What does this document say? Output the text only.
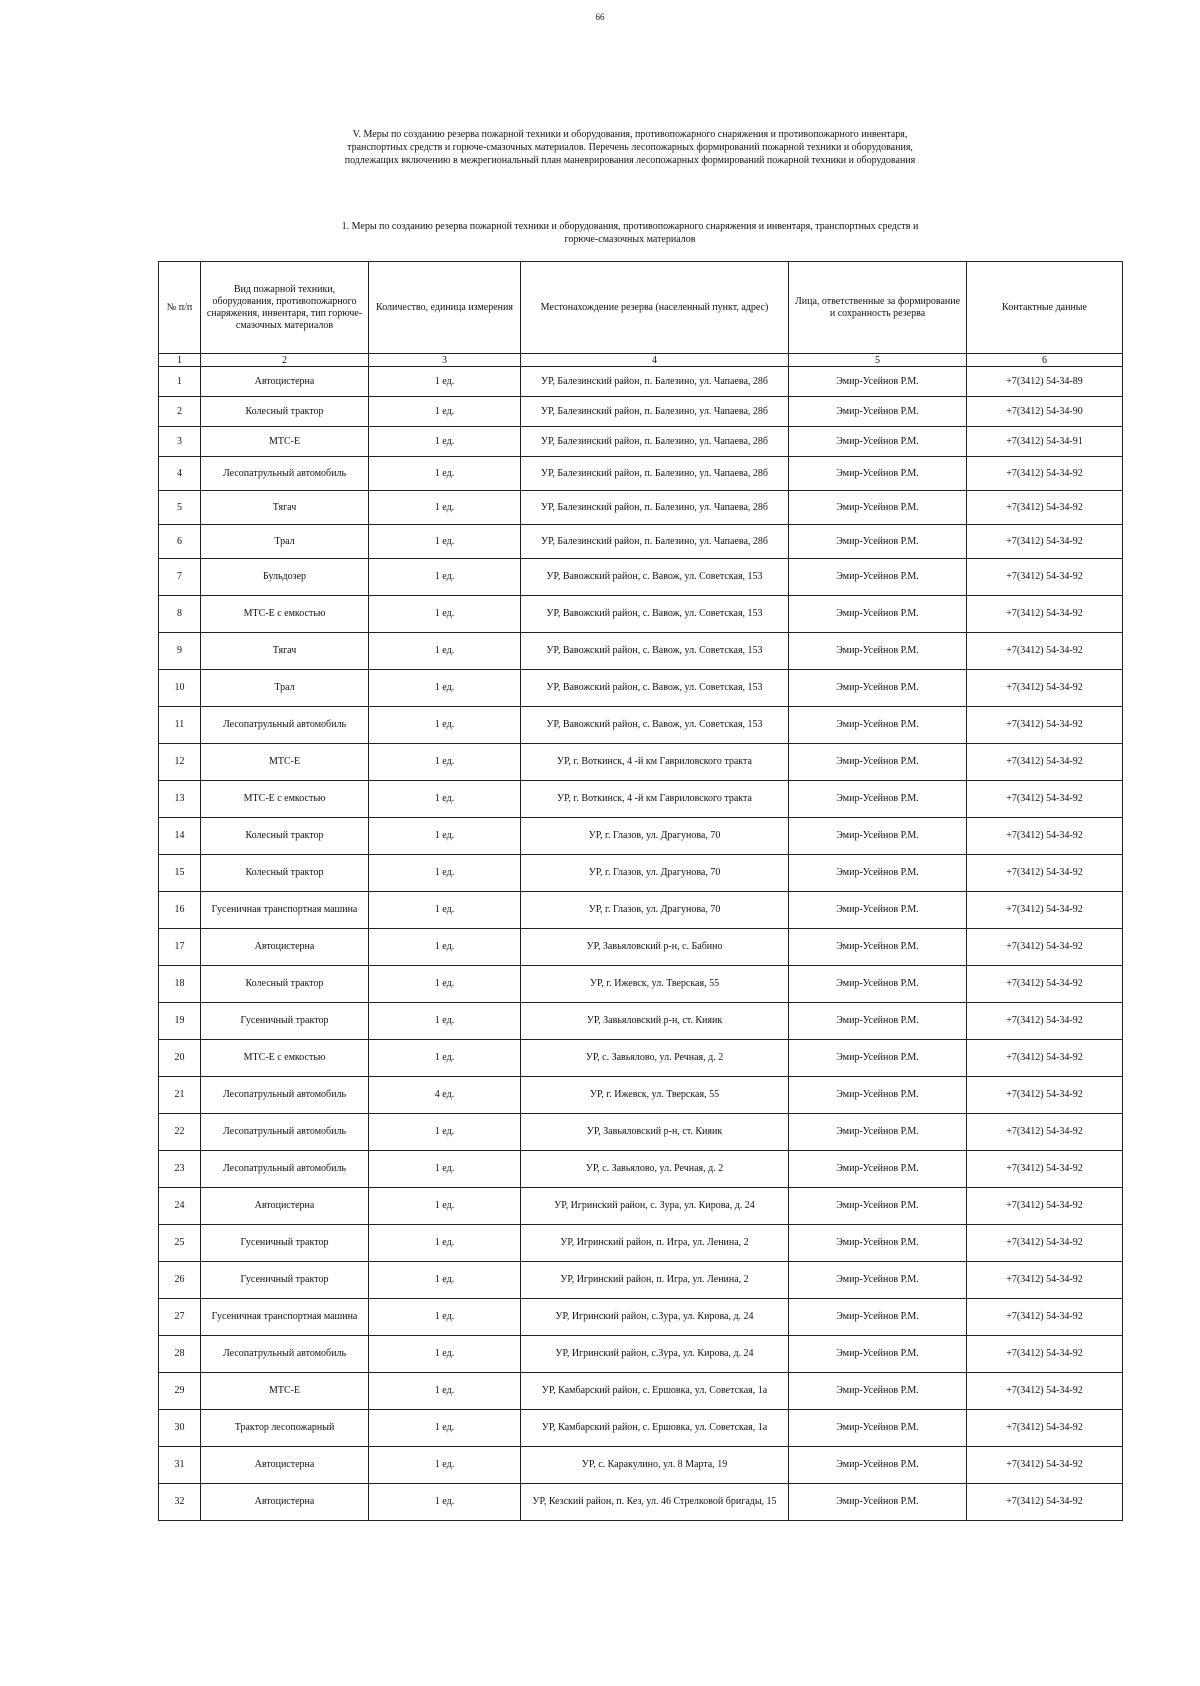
66
V. Меры по созданию резерва пожарной техники и оборудования, противопожарного снаряжения и противопожарного инвентаря, транспортных средств и горюче-смазочных материалов. Перечень лесопожарных формирований пожарной техники и оборудования, подлежащих включению в межрегиональный план маневрирования лесопожарных формирований пожарной техники и оборудования
1. Меры по созданию резерва пожарной техники и оборудования, противопожарного снаряжения и инвентаря, транспортных средств и горюче-смазочных материалов
№ п/п	Вид пожарной техники, оборудования, противопожарного снаряжения, инвентаря, тип горюче-смазочных материалов	Количество, единица измерения	Местонахождение резерва (населенный пункт, адрес)	Лица, ответственные за формирование и сохранность резерва	Контактные данные
1	2	3	4	5	6
1	Автоцистерна	1 ед.	УР, Балезинский район, п. Балезино, ул. Чапаева, 28б	Эмир-Усейнов Р.М.	+7(3412) 54-34-89
2	Колесный трактор	1 ед.	УР, Балезинский район, п. Балезино, ул. Чапаева, 28б	Эмир-Усейнов Р.М.	+7(3412) 54-34-90
3	МТС-Е	1 ед.	УР, Балезинский район, п. Балезино, ул. Чапаева, 28б	Эмир-Усейнов Р.М.	+7(3412) 54-34-91
4	Лесопатрульный автомобиль	1 ед.	УР, Балезинский район, п. Балезино, ул. Чапаева, 28б	Эмир-Усейнов Р.М.	+7(3412) 54-34-92
5	Тягач	1 ед.	УР, Балезинский район, п. Балезино, ул. Чапаева, 28б	Эмир-Усейнов Р.М.	+7(3412) 54-34-92
6	Трал	1 ед.	УР, Балезинский район, п. Балезино, ул. Чапаева, 28б	Эмир-Усейнов Р.М.	+7(3412) 54-34-92
7	Бульдозер	1 ед.	УР, Вавожский район, с. Вавож, ул. Советская, 153	Эмир-Усейнов Р.М.	+7(3412) 54-34-92
8	МТС-Е с емкостью	1 ед.	УР, Вавожский район, с. Вавож, ул. Советская, 153	Эмир-Усейнов Р.М.	+7(3412) 54-34-92
9	Тягач	1 ед.	УР, Вавожский район, с. Вавож, ул. Советская, 153	Эмир-Усейнов Р.М.	+7(3412) 54-34-92
10	Трал	1 ед.	УР, Вавожский район, с. Вавож, ул. Советская, 153	Эмир-Усейнов Р.М.	+7(3412) 54-34-92
11	Лесопатрульный автомобиль	1 ед.	УР, Вавожский район, с. Вавож, ул. Советская, 153	Эмир-Усейнов Р.М.	+7(3412) 54-34-92
12	МТС-Е	1 ед.	УР, г. Воткинск, 4 -й км Гавриловского тракта	Эмир-Усейнов Р.М.	+7(3412) 54-34-92
13	МТС-Е с емкостью	1 ед.	УР, г. Воткинск, 4 -й км Гавриловского тракта	Эмир-Усейнов Р.М.	+7(3412) 54-34-92
14	Колесный трактор	1 ед.	УР, г. Глазов, ул. Драгунова, 70	Эмир-Усейнов Р.М.	+7(3412) 54-34-92
15	Колесный трактор	1 ед.	УР, г. Глазов, ул. Драгунова, 70	Эмир-Усейнов Р.М.	+7(3412) 54-34-92
16	Гусеничная транспортная машина	1 ед.	УР, г. Глазов, ул. Драгунова, 70	Эмир-Усейнов Р.М.	+7(3412) 54-34-92
17	Автоцистерна	1 ед.	УР, Завьяловский р-н, с. Бабино	Эмир-Усейнов Р.М.	+7(3412) 54-34-92
18	Колесный трактор	1 ед.	УР, г. Ижевск, ул. Тверская, 55	Эмир-Усейнов Р.М.	+7(3412) 54-34-92
19	Гусеничный трактор	1 ед.	УР, Завьяловский р-н, ст. Кияик	Эмир-Усейнов Р.М.	+7(3412) 54-34-92
20	МТС-Е с емкостью	1 ед.	УР, с. Завьялово, ул. Речная, д. 2	Эмир-Усейнов Р.М.	+7(3412) 54-34-92
21	Лесопатрульный автомобиль	4 ед.	УР, г. Ижевск, ул. Тверская, 55	Эмир-Усейнов Р.М.	+7(3412) 54-34-92
22	Лесопатрульный автомобиль	1 ед.	УР, Завьяловский р-н, ст. Кияик	Эмир-Усейнов Р.М.	+7(3412) 54-34-92
23	Лесопатрульный автомобиль	1 ед.	УР, с. Завьялово, ул. Речная, д. 2	Эмир-Усейнов Р.М.	+7(3412) 54-34-92
24	Автоцистерна	1 ед.	УР, Игринский район, с. Зура, ул. Кирова, д. 24	Эмир-Усейнов Р.М.	+7(3412) 54-34-92
25	Гусеничный трактор	1 ед.	УР, Игринский район, п. Игра, ул. Ленина, 2	Эмир-Усейнов Р.М.	+7(3412) 54-34-92
26	Гусеничный трактор	1 ед.	УР, Игринский район, п. Игра, ул. Ленина, 2	Эмир-Усейнов Р.М.	+7(3412) 54-34-92
27	Гусеничная транспортная машина	1 ед.	УР, Игринский район, с.Зура, ул. Кирова, д. 24	Эмир-Усейнов Р.М.	+7(3412) 54-34-92
28	Лесопатрульный автомобиль	1 ед.	УР, Игринский район, с.Зура, ул. Кирова, д. 24	Эмир-Усейнов Р.М.	+7(3412) 54-34-92
29	МТС-Е	1 ед.	УР, Камбарский район, с. Ершовка, ул. Советская, 1а	Эмир-Усейнов Р.М.	+7(3412) 54-34-92
30	Трактор лесопожарный	1 ед.	УР, Камбарский район, с. Ершовка, ул. Советская, 1а	Эмир-Усейнов Р.М.	+7(3412) 54-34-92
31	Автоцистерна	1 ед.	УР, с. Каракулино, ул. 8 Марта, 19	Эмир-Усейнов Р.М.	+7(3412) 54-34-92
32	Автоцистерна	1 ед.	УР, Кезский район, п. Кез, ул. 46 Стрелковой бригады, 15	Эмир-Усейнов Р.М.	+7(3412) 54-34-92
